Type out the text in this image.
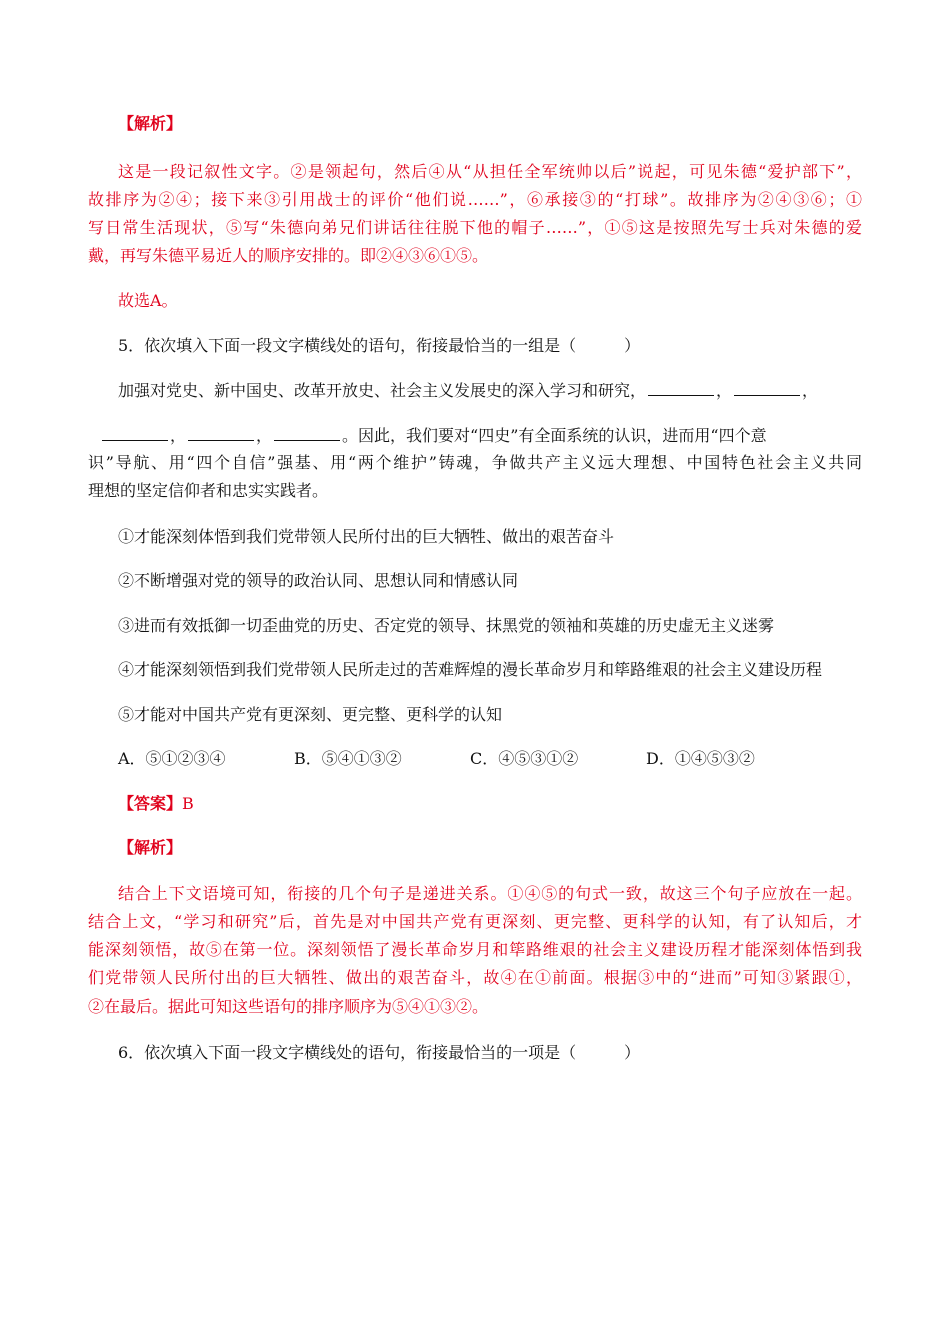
【解析】
这是一段记叙性文字。②是领起句，然后④从“从担任全军统帅以后”说起，可见朱德“爱护部下”，
故排序为②④；接下来③引用战士的评价“他们说……”，⑥承接③的“打球”。故排序为②④③⑥；①
写日常生活现状，⑤写“朱德向弟兄们讲话往往脱下他的帽子……”，①⑤这是按照先写士兵对朱德的爱
戴，再写朱德平易近人的顺序安排的。即②④③⑥①⑤。
故选A。
5．依次填入下面一段文字横线处的语句，衔接最恰当的一组是（　　　）
加强对党史、新中国史、改革开放史、社会主义发展史的深入学习和研究，	，	，
，	，	。因此，我们要对“四史”有全面系统的认识，进而用“四个意
识”导航、用“四个自信”强基、用“两个维护”铸魂，争做共产主义远大理想、中国特色社会主义共同
理想的坚定信仰者和忠实实践者。
①才能深刻体悟到我们党带领人民所付出的巨大牺牲、做出的艰苦奋斗
②不断增强对党的领导的政治认同、思想认同和情感认同
③进而有效抵御一切歪曲党的历史、否定党的领导、抹黑党的领袖和英雄的历史虚无主义迷雾
④才能深刻领悟到我们党带领人民所走过的苦难辉煌的漫长革命岁月和筚路维艰的社会主义建设历程
⑤才能对中国共产党有更深刻、更完整、更科学的认知
A．⑤①②③④	B．⑤④①③②	C．④⑤③①②	D．①④⑤③②
【答案】B
【解析】
结合上下文语境可知，衔接的几个句子是递进关系。①④⑤的句式一致，故这三个句子应放在一起。
结合上文，“学习和研究”后，首先是对中国共产党有更深刻、更完整、更科学的认知，有了认知后，才
能深刻领悟，故⑤在第一位。深刻领悟了漫长革命岁月和筚路维艰的社会主义建设历程才能深刻体悟到我
们党带领人民所付出的巨大牺牲、做出的艰苦奋斗，故④在①前面。根据③中的“进而”可知③紧跟①，
②在最后。据此可知这些语句的排序顺序为⑤④①③②。
6．依次填入下面一段文字横线处的语句，衔接最恰当的一项是（　　　）
